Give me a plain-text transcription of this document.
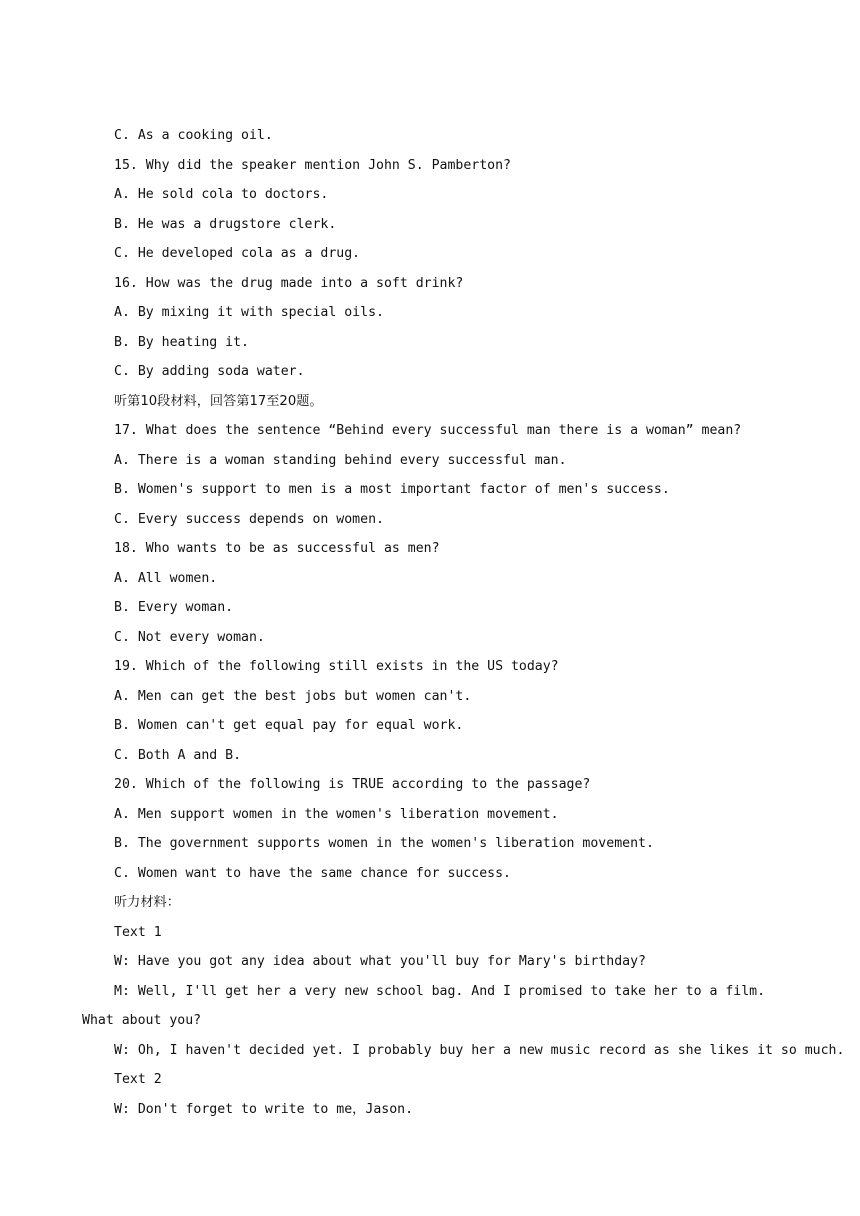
C. As a cooking oil.
15. Why did the speaker mention John S. Pamberton?
A. He sold cola to doctors.
B. He was a drugstore clerk.
C. He developed cola as a drug.
16. How was the drug made into a soft drink?
A. By mixing it with special oils.
B. By heating it.
C. By adding soda water.
听第10段材料，回答第17至20题。
17. What does the sentence “Behind every successful man there is a woman” mean?
A. There is a woman standing behind every successful man.
B. Women's support to men is a most important factor of men's success.
C. Every success depends on women.
18. Who wants to be as successful as men?
A. All women.
B. Every woman.
C. Not every woman.
19. Which of the following still exists in the US today?
A. Men can get the best jobs but women can't.
B. Women can't get equal pay for equal work.
C. Both A and B.
20. Which of the following is TRUE according to the passage?
A. Men support women in the women's liberation movement.
B. The government supports women in the women's liberation movement.
C. Women want to have the same chance for success.
听力材料：
Text 1
W: Have you got any idea about what you'll buy for Mary's birthday?
M: Well, I'll get her a very new school bag. And I promised to take her to a film. What about you?
W: Oh, I haven't decided yet. I probably buy her a new music record as she likes it so much.
Text 2
W: Don't forget to write to me，Jason.
